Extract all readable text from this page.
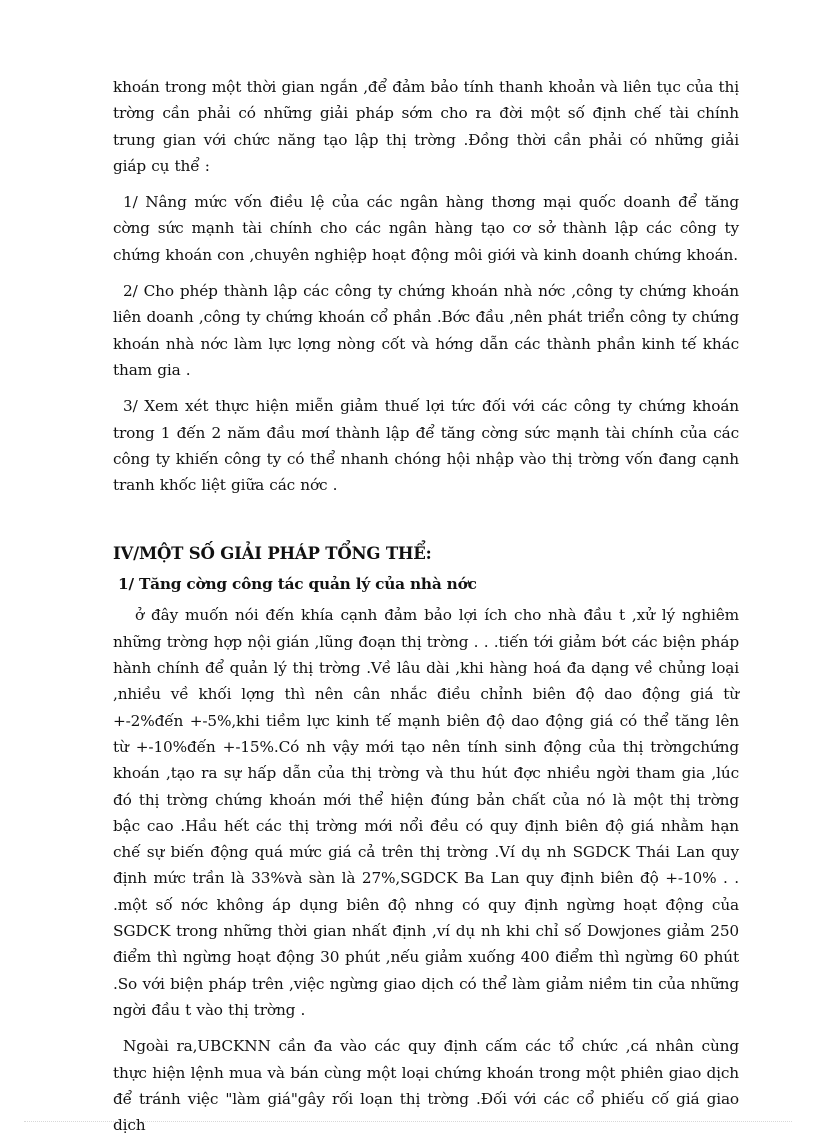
khoán trong một thời gian ngắn ,để đảm bảo tính thanh khoản và liên tục của thị trờng cần phải có những giải pháp sớm cho ra đời một số định chế tài chính trung gian với chức năng tạo lập thị trờng .Đồng thời cần phải có những giải giáp cụ thể :

1/ Nâng mức vốn điều lệ của các ngân hàng thơng mại quốc doanh để tăng cờng sức mạnh tài chính cho các ngân hàng tạo cơ sở thành lập các công ty chứng khoán con ,chuyên nghiệp hoạt động môi giới và kinh doanh chứng khoán.

2/ Cho phép thành lập các công ty chứng khoán nhà nớc ,công ty chứng khoán liên doanh ,công ty chứng khoán cổ phần .Bớc đầu ,nên phát triển công ty chứng khoán nhà nớc làm lực lợng nòng cốt và hớng dẫn các thành phần kinh tế khác tham gia .

3/ Xem xét thực hiện miễn giảm thuế lợi tức đối với các công ty chứng khoán trong 1 đến 2 năm đầu mơí thành lập để tăng cờng sức mạnh tài chính của các công ty khiến công ty có thể nhanh chóng hội nhập vào thị trờng vốn đang cạnh tranh khốc liệt giữa các nớc .

IV/MỘT SỐ GIẢI PHÁP TỔNG THỂ:
1/ Tăng cờng công tác quản lý của nhà nớc

ở đây muốn nói đến khía cạnh đảm bảo lợi ích cho nhà đầu t ,xử lý nghiêm những trờng hợp nội gián ,lũng đoạn thị trờng . . .tiến tới giảm bớt các biện pháp hành chính để quản lý thị trờng .Về lâu dài ,khi hàng hoá đa dạng về chủng loại ,nhiều về khối lợng thì nên cân nhắc điều chỉnh biên độ dao động giá từ +-2%đến +-5%,khi tiềm lực kinh tế mạnh biên độ dao động giá có thể tăng lên từ +-10%đến +-15%.Có nh vậy mới tạo nên tính sinh động của thị trờngchứng khoán ,tạo ra sự hấp dẫn của thị trờng và thu hút đợc nhiều ngời tham gia ,lúc đó thị trờng chứng khoán mới thể hiện đúng bản chất của nó là một thị trờng bậc cao .Hầu hết các thị trờng mới nổi đều có quy định biên độ giá nhằm hạn chế sự biến động quá mức giá cả trên thị trờng .Ví dụ nh SGDCK Thái Lan quy định mức trần là 33%và sàn là 27%,SGDCK Ba Lan quy định biên độ +-10% . . .một số nớc không áp dụng biên độ nhng có quy định ngừng hoạt động của SGDCK trong những thời gian nhất định ,ví dụ nh khi chỉ số Dowjones giảm 250 điểm thì ngừng hoạt động 30 phút ,nếu giảm xuống 400 điểm thì ngừng 60 phút .So với biện pháp trên ,việc ngừng giao dịch có thể làm giảm niềm tin của những ngời đầu t vào thị trờng .

Ngoài ra,UBCKNN cần đa vào các quy định cấm các tổ chức ,cá nhân cùng thực hiện lệnh mua và bán cùng một loại chứng khoán trong một phiên giao dịch để tránh việc "làm giá"gây rối loạn thị trờng .Đối với các cổ phiếu cố giá giao dịch
